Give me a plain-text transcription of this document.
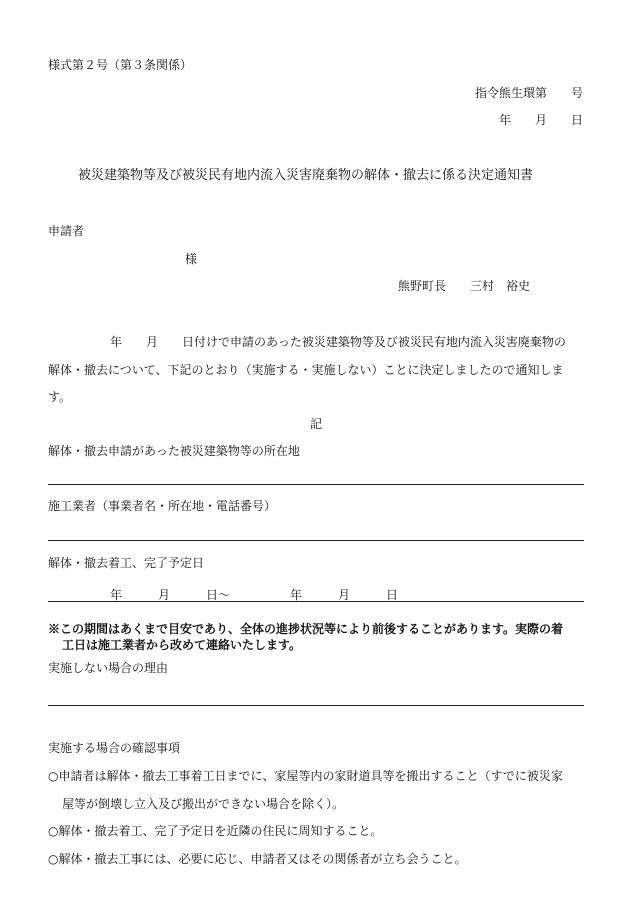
様式第２号（第３条関係）
指令熊生環第　　号
年　　月　　日
被災建築物等及び被災民有地内流入災害廃棄物の解体・撤去に係る決定通知書
申請者
様
熊野町長　　三村　裕史
年　　月　　日付けで申請のあった被災建築物等及び被災民有地内流入災害廃棄物の
解体・撤去について、下記のとおり（実施する・実施しない）ことに決定しましたので通知しま
す。
記
解体・撤去申請があった被災建築物等の所在地
施工業者（事業者名・所在地・電話番号）
解体・撤去着工、完了予定日
年　　　月　　　日～　　　　　年　　　月　　　日
※この期間はあくまで目安であり、全体の進捗状況等により前後することがあります。実際の着
工日は施工業者から改めて連絡いたします。
実施しない場合の理由
実施する場合の確認事項
○申請者は解体・撤去工事着工日までに、家屋等内の家財道具等を搬出すること（すでに被災家
屋等が倒壊し立入及び搬出ができない場合を除く）。
○解体・撤去着工、完了予定日を近隣の住民に周知すること。
○解体・撤去工事には、必要に応じ、申請者又はその関係者が立ち会うこと。
